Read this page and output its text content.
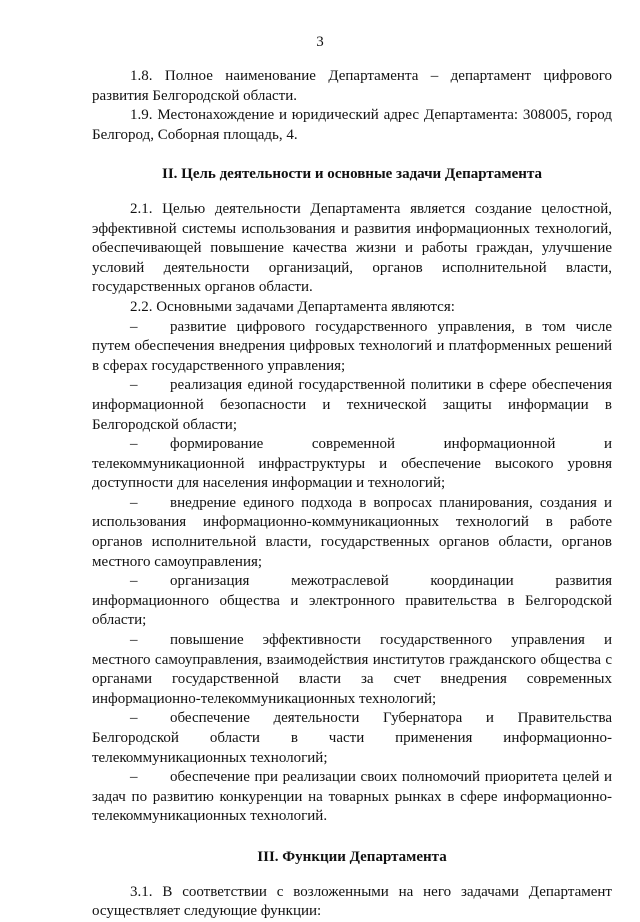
3

1.8. Полное наименование Департамента – департамент цифрового развития Белгородской области.

1.9. Местонахождение и юридический адрес Департамента: 308005, город Белгород, Соборная площадь, 4.

II. Цель деятельности и основные задачи Департамента

2.1. Целью деятельности Департамента является создание целостной, эффективной системы использования и развития информационных технологий, обеспечивающей повышение качества жизни и работы граждан, улучшение условий деятельности организаций, органов исполнительной власти, государственных органов области.

2.2. Основными задачами Департамента являются:

– развитие цифрового государственного управления, в том числе путем обеспечения внедрения цифровых технологий и платформенных решений в сферах государственного управления;

– реализация единой государственной политики в сфере обеспечения информационной безопасности и технической защиты информации в Белгородской области;

– формирование современной информационной и телекоммуникационной инфраструктуры и обеспечение высокого уровня доступности для населения информации и технологий;

– внедрение единого подхода в вопросах планирования, создания и использования информационно-коммуникационных технологий в работе органов исполнительной власти, государственных органов области, органов местного самоуправления;

– организация межотраслевой координации развития информационного общества и электронного правительства в Белгородской области;

– повышение эффективности государственного управления и местного самоуправления, взаимодействия институтов гражданского общества с органами государственной власти за счет внедрения современных информационно-телекоммуникационных технологий;

– обеспечение деятельности Губернатора и Правительства Белгородской области в части применения информационно-телекоммуникационных технологий;

– обеспечение при реализации своих полномочий приоритета целей и задач по развитию конкуренции на товарных рынках в сфере информационно-телекоммуникационных технологий.

III. Функции Департамента

3.1. В соответствии с возложенными на него задачами Департамент осуществляет следующие функции:
